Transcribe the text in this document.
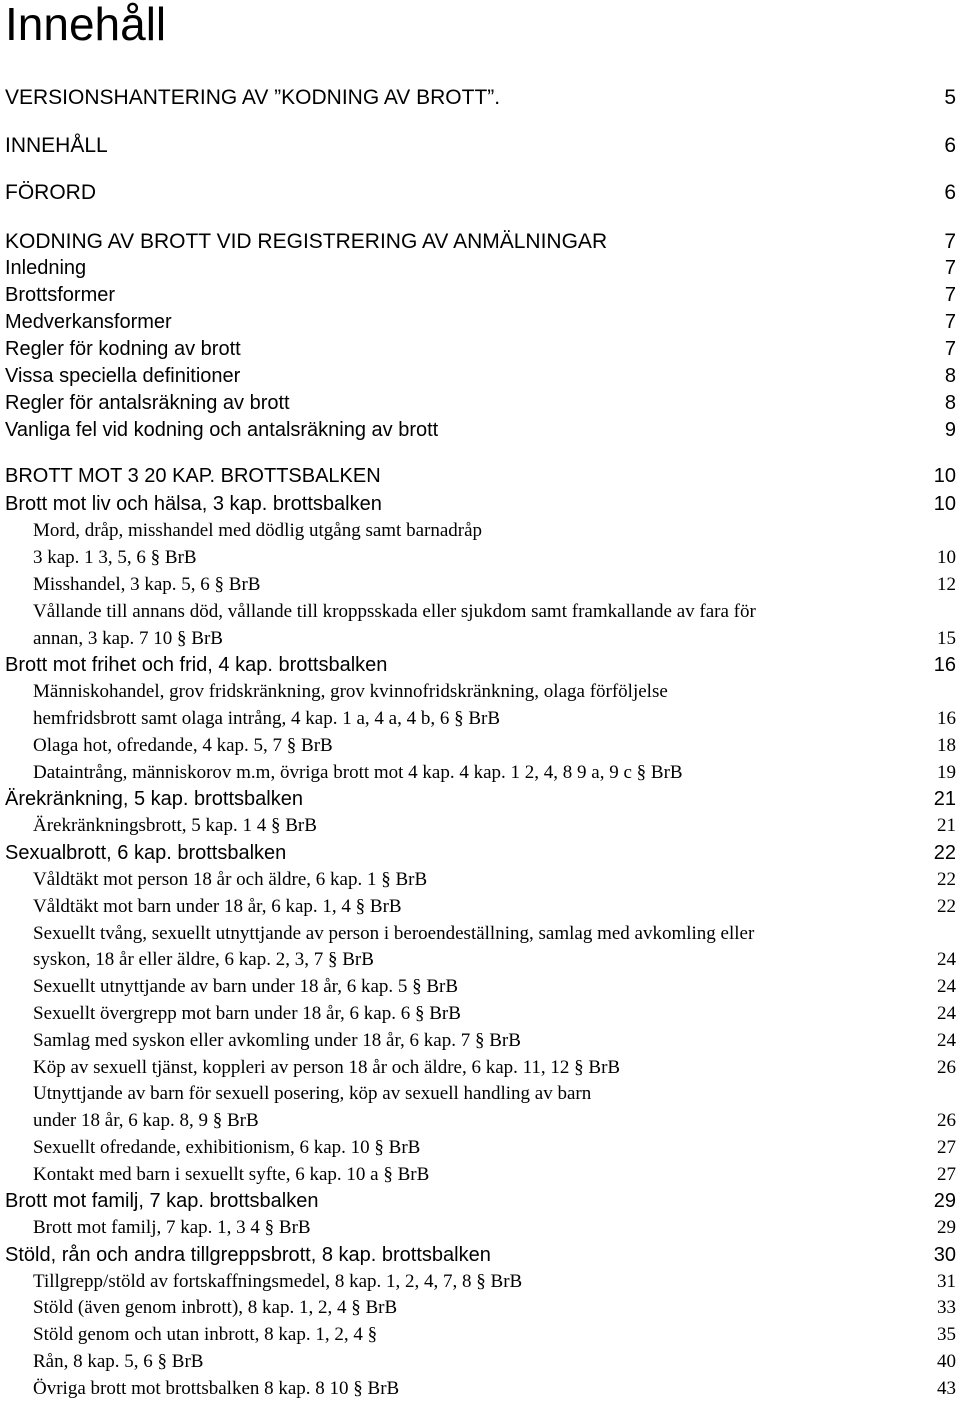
Innehåll
VERSIONSHANTERING AV ”KODNING AV BROTT”.	5
INNEHÅLL	6
FÖRORD	6
KODNING AV BROTT VID REGISTRERING AV ANMÄLNINGAR	7
Inledning	7
Brottsformer	7
Medverkansformer	7
Regler för kodning av brott	7
Vissa speciella definitioner	8
Regler för antalsräkning av brott	8
Vanliga fel vid kodning och antalsräkning av brott	9
BROTT MOT 3 20 KAP. BROTTSBALKEN	10
Brott mot liv och hälsa, 3 kap. brottsbalken	10
Mord, dråp, misshandel med dödlig utgång samt barnadråp
3 kap. 1 3, 5, 6 § BrB	10
Misshandel, 3 kap. 5, 6 § BrB	12
Vållande till annans död, vållande till kroppsskada eller sjukdom samt framkallande av fara för
annan, 3 kap. 7 10 § BrB	15
Brott mot frihet och frid, 4 kap. brottsbalken	16
Människohandel, grov fridskränkning, grov kvinnofridskränkning, olaga förföljelse
hemfridsbrott samt olaga intrång, 4 kap. 1 a, 4 a, 4 b, 6 § BrB	16
Olaga hot, ofredande, 4 kap. 5, 7 § BrB	18
Dataintrång, människorov m.m, övriga brott mot 4 kap. 4 kap. 1 2, 4, 8 9 a, 9 c § BrB	19
Ärekränkning, 5 kap. brottsbalken	21
Ärekränkningsbrott, 5 kap. 1 4 § BrB	21
Sexualbrott, 6 kap. brottsbalken	22
Våldtäkt mot person 18 år och äldre, 6 kap. 1 § BrB	22
Våldtäkt mot barn under 18 år, 6 kap. 1, 4 § BrB	22
Sexuellt tvång, sexuellt utnyttjande av person i beroendeställning, samlag med avkomling eller
syskon, 18 år eller äldre, 6 kap. 2, 3, 7 § BrB	24
Sexuellt utnyttjande av barn under 18 år, 6 kap. 5 § BrB	24
Sexuellt övergrepp mot barn under 18 år, 6 kap. 6 § BrB	24
Samlag med syskon eller avkomling under 18 år, 6 kap. 7 § BrB	24
Köp av sexuell tjänst, koppleri av person 18 år och äldre, 6 kap. 11, 12 § BrB	26
Utnyttjande av barn för sexuell posering, köp av sexuell handling av barn
under 18 år, 6 kap. 8, 9 § BrB	26
Sexuellt ofredande, exhibitionism, 6 kap. 10 § BrB	27
Kontakt med barn i sexuellt syfte, 6 kap. 10 a § BrB	27
Brott mot familj, 7 kap. brottsbalken	29
Brott mot familj, 7 kap. 1, 3 4 § BrB	29
Stöld, rån och andra tillgreppsbrott, 8 kap. brottsbalken	30
Tillgrepp/stöld av fortskaffningsmedel, 8 kap. 1, 2, 4, 7, 8 § BrB	31
Stöld (även genom inbrott), 8 kap. 1, 2, 4 § BrB	33
Stöld genom och utan inbrott, 8 kap. 1, 2, 4 §	35
Rån, 8 kap. 5, 6 § BrB	40
Övriga brott mot brottsbalken 8 kap. 8 10 § BrB	43
